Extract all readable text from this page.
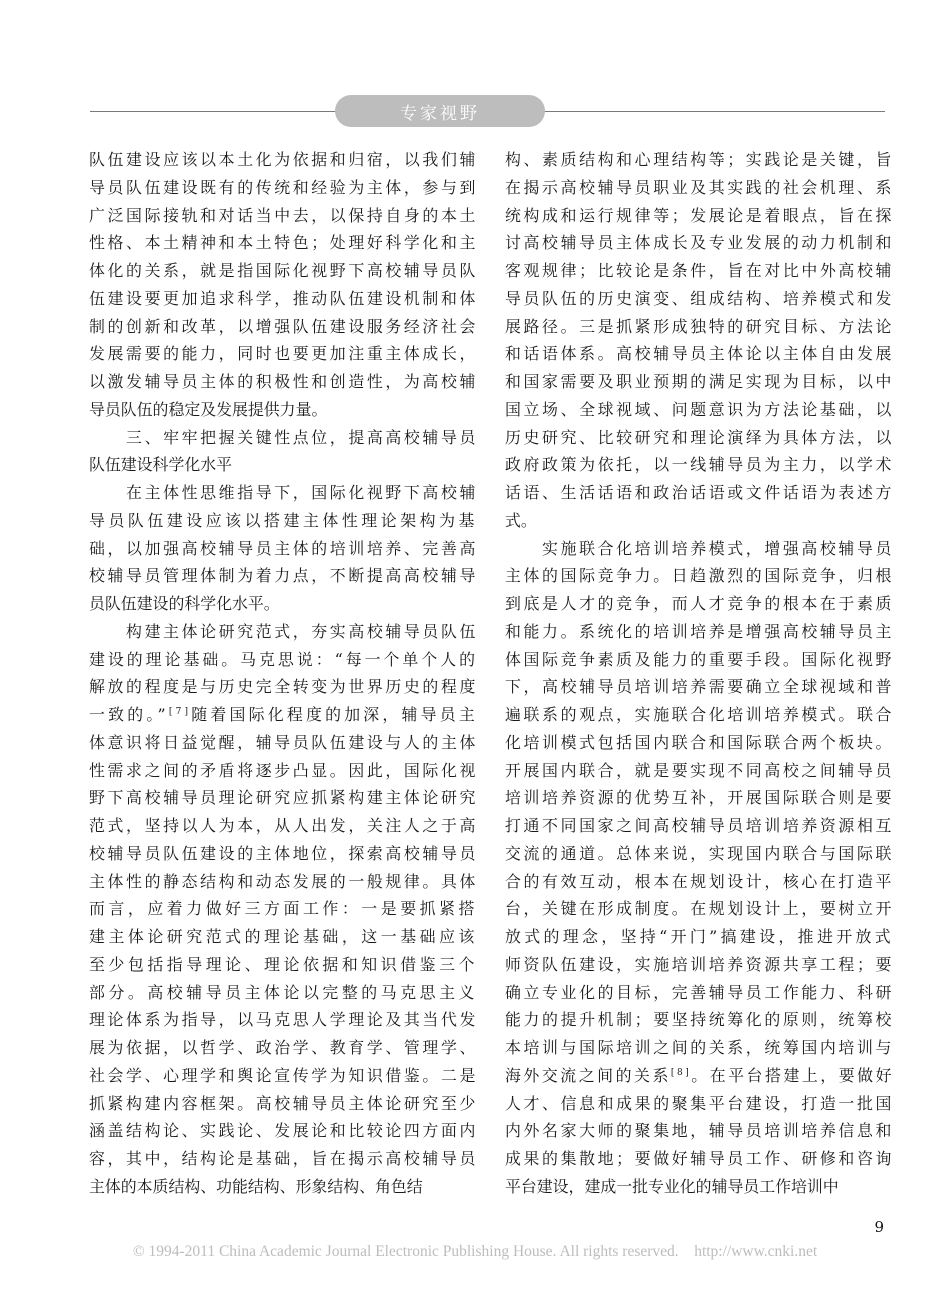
专家视野
队伍建设应该以本土化为依据和归宿，以我们辅
导员队伍建设既有的传统和经验为主体，参与到
广泛国际接轨和对话当中去，以保持自身的本土
性格、本土精神和本土特色；处理好科学化和主
体化的关系，就是指国际化视野下高校辅导员队
伍建设要更加追求科学，推动队伍建设机制和体
制的创新和改革，以增强队伍建设服务经济社会
发展需要的能力，同时也要更加注重主体成长，
以激发辅导员主体的积极性和创造性，为高校辅
导员队伍的稳定及发展提供力量。
　　三、牢牢把握关键性点位，提高高校辅导员
队伍建设科学化水平
　　在主体性思维指导下，国际化视野下高校辅
导员队伍建设应该以搭建主体性理论架构为基
础，以加强高校辅导员主体的培训培养、完善高
校辅导员管理体制为着力点，不断提高高校辅导
员队伍建设的科学化水平。
　　构建主体论研究范式，夯实高校辅导员队伍
建设的理论基础。马克思说：“每一个单个人的
解放的程度是与历史完全转变为世界历史的程度
一致的。”[7]随着国际化程度的加深，辅导员主
体意识将日益觉醒，辅导员队伍建设与人的主体
性需求之间的矛盾将逐步凸显。因此，国际化视
野下高校辅导员理论研究应抓紧构建主体论研究
范式，坚持以人为本，从人出发，关注人之于高
校辅导员队伍建设的主体地位，探索高校辅导员
主体性的静态结构和动态发展的一般规律。具体
而言，应着力做好三方面工作：一是要抓紧搭
建主体论研究范式的理论基础，这一基础应该
至少包括指导理论、理论依据和知识借鉴三个
部分。高校辅导员主体论以完整的马克思主义
理论体系为指导，以马克思人学理论及其当代发
展为依据，以哲学、政治学、教育学、管理学、
社会学、心理学和舆论宣传学为知识借鉴。二是
抓紧构建内容框架。高校辅导员主体论研究至少
涵盖结构论、实践论、发展论和比较论四方面内
容，其中，结构论是基础，旨在揭示高校辅导员
主体的本质结构、功能结构、形象结构、角色结
构、素质结构和心理结构等；实践论是关键，旨
在揭示高校辅导员职业及其实践的社会机理、系
统构成和运行规律等；发展论是着眼点，旨在探
讨高校辅导员主体成长及专业发展的动力机制和
客观规律；比较论是条件，旨在对比中外高校辅
导员队伍的历史演变、组成结构、培养模式和发
展路径。三是抓紧形成独特的研究目标、方法论
和话语体系。高校辅导员主体论以主体自由发展
和国家需要及职业预期的满足实现为目标，以中
国立场、全球视域、问题意识为方法论基础，以
历史研究、比较研究和理论演绎为具体方法，以
政府政策为依托，以一线辅导员为主力，以学术
话语、生活话语和政治话语或文件话语为表述方
式。
　　实施联合化培训培养模式，增强高校辅导员
主体的国际竞争力。日趋激烈的国际竞争，归根
到底是人才的竞争，而人才竞争的根本在于素质
和能力。系统化的培训培养是增强高校辅导员主
体国际竞争素质及能力的重要手段。国际化视野
下，高校辅导员培训培养需要确立全球视域和普
遍联系的观点，实施联合化培训培养模式。联合
化培训模式包括国内联合和国际联合两个板块。
开展国内联合，就是要实现不同高校之间辅导员
培训培养资源的优势互补，开展国际联合则是要
打通不同国家之间高校辅导员培训培养资源相互
交流的通道。总体来说，实现国内联合与国际联
合的有效互动，根本在规划设计，核心在打造平
台，关键在形成制度。在规划设计上，要树立开
放式的理念，坚持“开门”搞建设，推进开放式
师资队伍建设，实施培训培养资源共享工程；要
确立专业化的目标，完善辅导员工作能力、科研
能力的提升机制；要坚持统筹化的原则，统筹校
本培训与国际培训之间的关系，统筹国内培训与
海外交流之间的关系[8]。在平台搭建上，要做好
人才、信息和成果的聚集平台建设，打造一批国
内外名家大师的聚集地，辅导员培训培养信息和
成果的集散地；要做好辅导员工作、研修和咨询
平台建设，建成一批专业化的辅导员工作培训中
9
© 1994-2011 China Academic Journal Electronic Publishing House. All rights reserved. http://www.cnki.net
